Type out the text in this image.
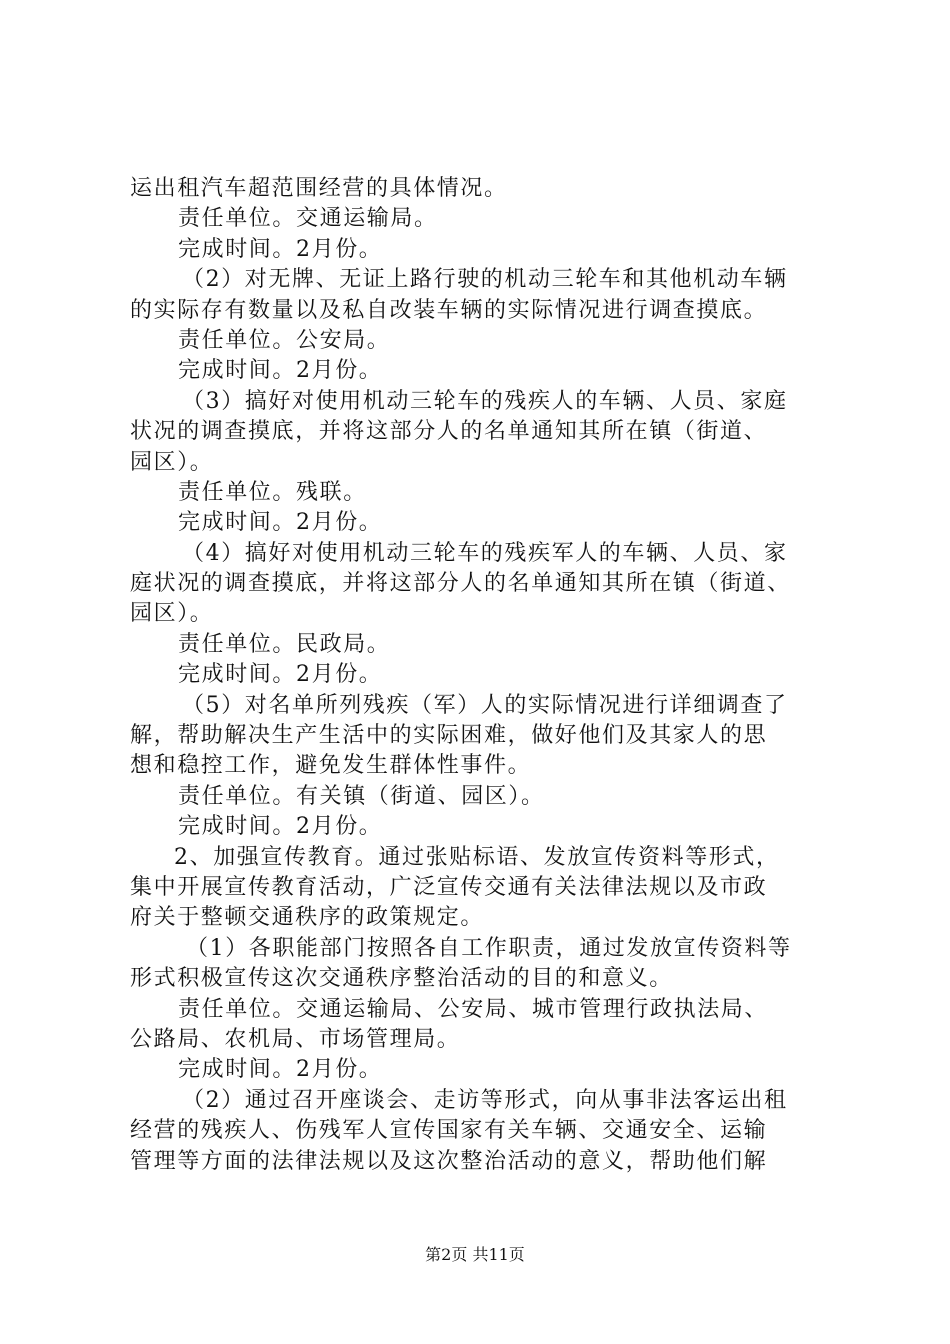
运出租汽车超范围经营的具体情况。
责任单位。交通运输局。
完成时间。2月份。
（2）对无牌、无证上路行驶的机动三轮车和其他机动车辆
的实际存有数量以及私自改装车辆的实际情况进行调查摸底。
责任单位。公安局。
完成时间。2月份。
（3）搞好对使用机动三轮车的残疾人的车辆、人员、家庭
状况的调查摸底，并将这部分人的名单通知其所在镇（街道、
园区）。
责任单位。残联。
完成时间。2月份。
（4）搞好对使用机动三轮车的残疾军人的车辆、人员、家
庭状况的调查摸底，并将这部分人的名单通知其所在镇（街道、
园区）。
责任单位。民政局。
完成时间。2月份。
（5）对名单所列残疾（军）人的实际情况进行详细调查了
解，帮助解决生产生活中的实际困难，做好他们及其家人的思
想和稳控工作，避免发生群体性事件。
责任单位。有关镇（街道、园区）。
完成时间。2月份。
2、加强宣传教育。通过张贴标语、发放宣传资料等形式，
集中开展宣传教育活动，广泛宣传交通有关法律法规以及市政
府关于整顿交通秩序的政策规定。
（1）各职能部门按照各自工作职责，通过发放宣传资料等
形式积极宣传这次交通秩序整治活动的目的和意义。
责任单位。交通运输局、公安局、城市管理行政执法局、
公路局、农机局、市场管理局。
完成时间。2月份。
（2）通过召开座谈会、走访等形式，向从事非法客运出租
经营的残疾人、伤残军人宣传国家有关车辆、交通安全、运输
管理等方面的法律法规以及这次整治活动的意义，帮助他们解
第2页 共11页
